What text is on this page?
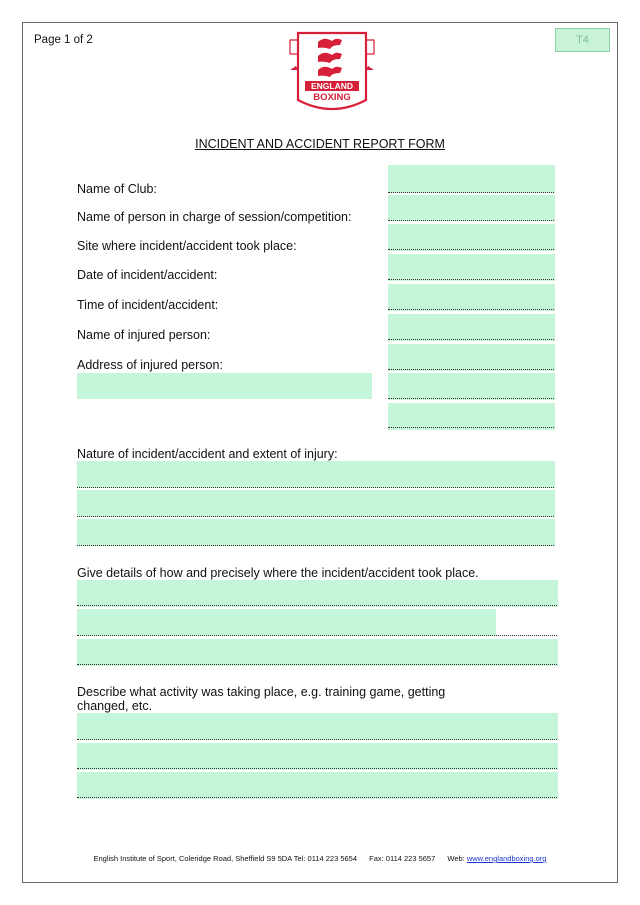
Page 1 of 2	T4
ENGLAND
BOXING
INCIDENT AND ACCIDENT REPORT FORM
Name of Club:
Name of person in charge of session/competition:
Site where incident/accident took place:
Date of incident/accident:
Time of incident/accident:
Name of injured person:
Address of injured person:
Nature of incident/accident and extent of injury:
Give details of how and precisely where the incident/accident took place.
Describe what activity was taking place, e.g. training game, getting
changed, etc.
English Institute of Sport, Coleridge Road, Sheffield S9 5DA Tel: 0114 223 5654 Fax: 0114 223 5657 Web: www.englandboxing.org
